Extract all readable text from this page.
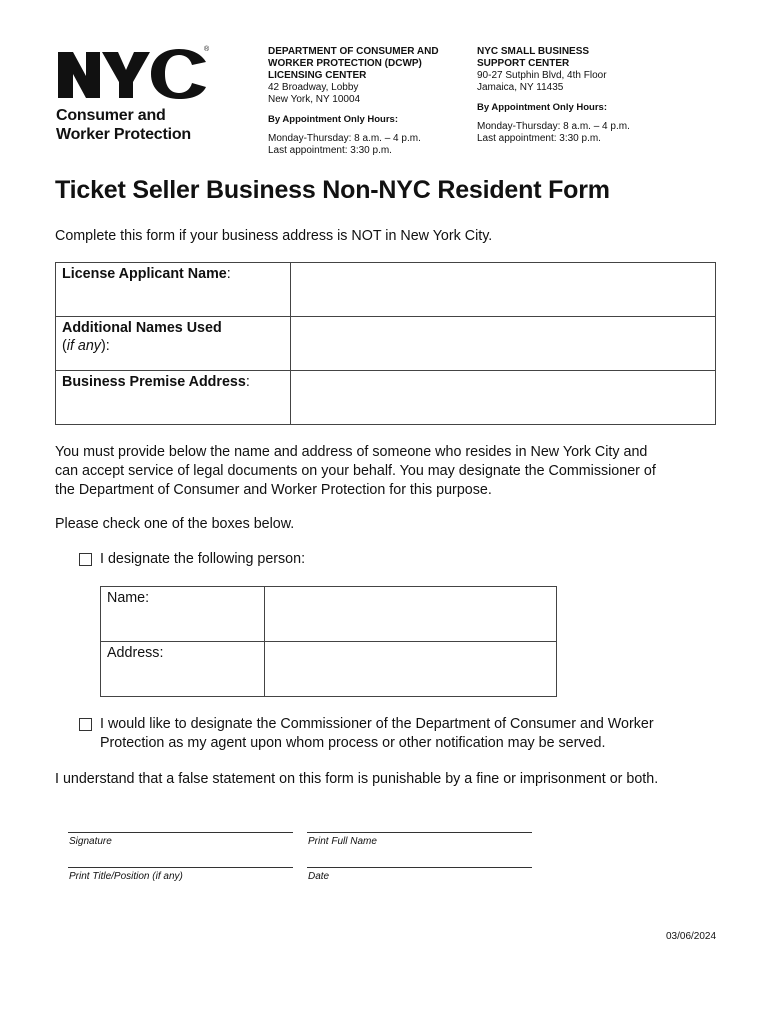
®
Consumer and
Worker Protection
DEPARTMENT OF CONSUMER AND
WORKER PROTECTION (DCWP)
LICENSING CENTER
42 Broadway, Lobby
New York, NY 10004
By Appointment Only Hours:
Monday-Thursday: 8 a.m. – 4 p.m.
Last appointment: 3:30 p.m.
NYC SMALL BUSINESS
SUPPORT CENTER
90-27 Sutphin Blvd, 4th Floor
Jamaica, NY 11435
By Appointment Only Hours:
Monday-Thursday: 8 a.m. – 4 p.m.
Last appointment: 3:30 p.m.
Ticket Seller Business Non-NYC Resident Form
Complete this form if your business address is NOT in New York City.
License Applicant Name:	
Additional Names Used
(if any):	
Business Premise Address:	
You must provide below the name and address of someone who resides in New York City and
can accept service of legal documents on your behalf. You may designate the Commissioner of
the Department of Consumer and Worker Protection for this purpose.
Please check one of the boxes below.
I designate the following person:
Name:	
Address:	
I would like to designate the Commissioner of the Department of Consumer and Worker
Protection as my agent upon whom process or other notification may be served.
I understand that a false statement on this form is punishable by a fine or imprisonment or both.
Signature	Print Full Name
Print Title/Position (if any)	Date
03/06/2024
